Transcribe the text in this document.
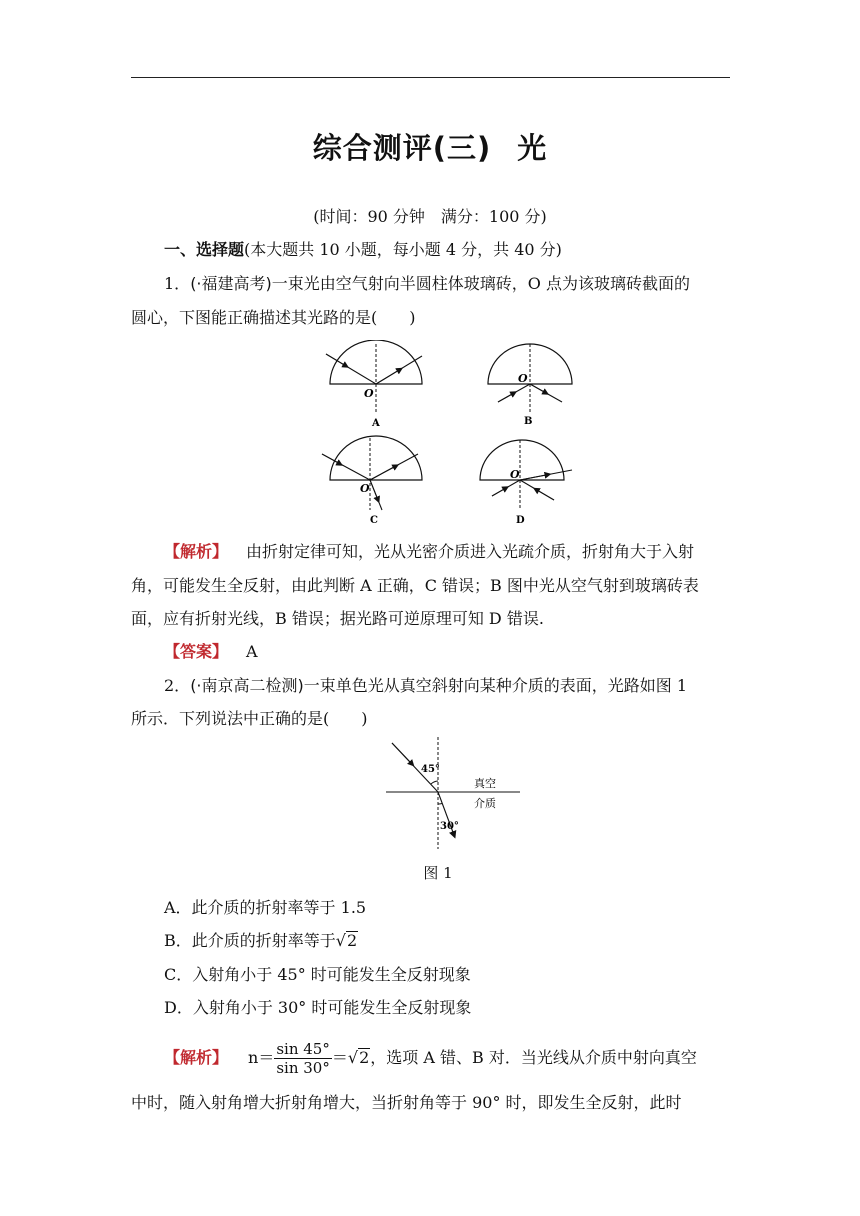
综合测评(三) 光
(时间：90 分钟　满分：100 分)
一、选择题(本大题共 10 小题，每小题 4 分，共 40 分)
1．(·福建高考)一束光由空气射向半圆柱体玻璃砖，O 点为该玻璃砖截面的
圆心，下图能正确描述其光路的是(　　)
O
A
O
B
O
C
O
D
【解析】 由折射定律可知，光从光密介质进入光疏介质，折射角大于入射
角，可能发生全反射，由此判断 A 正确，C 错误；B 图中光从空气射到玻璃砖表
面，应有折射光线，B 错误；据光路可逆原理可知 D 错误.
【答案】 A
2．(·南京高二检测)一束单色光从真空斜射向某种介质的表面，光路如图 1
所示．下列说法中正确的是(　　)
45°
30°
真空
介质
图 1
A．此介质的折射率等于 1.5
B．此介质的折射率等于√2
C．入射角小于 45° 时可能发生全反射现象
D．入射角小于 30° 时可能发生全反射现象
【解析】 $n= \frac{\sin 45^\circ}{\sin 30^\circ} =√2$，选项 A 错、B 对．当光线从介质中射向真空
中时，随入射角增大折射角增大，当折射角等于 90° 时，即发生全反射，此时
